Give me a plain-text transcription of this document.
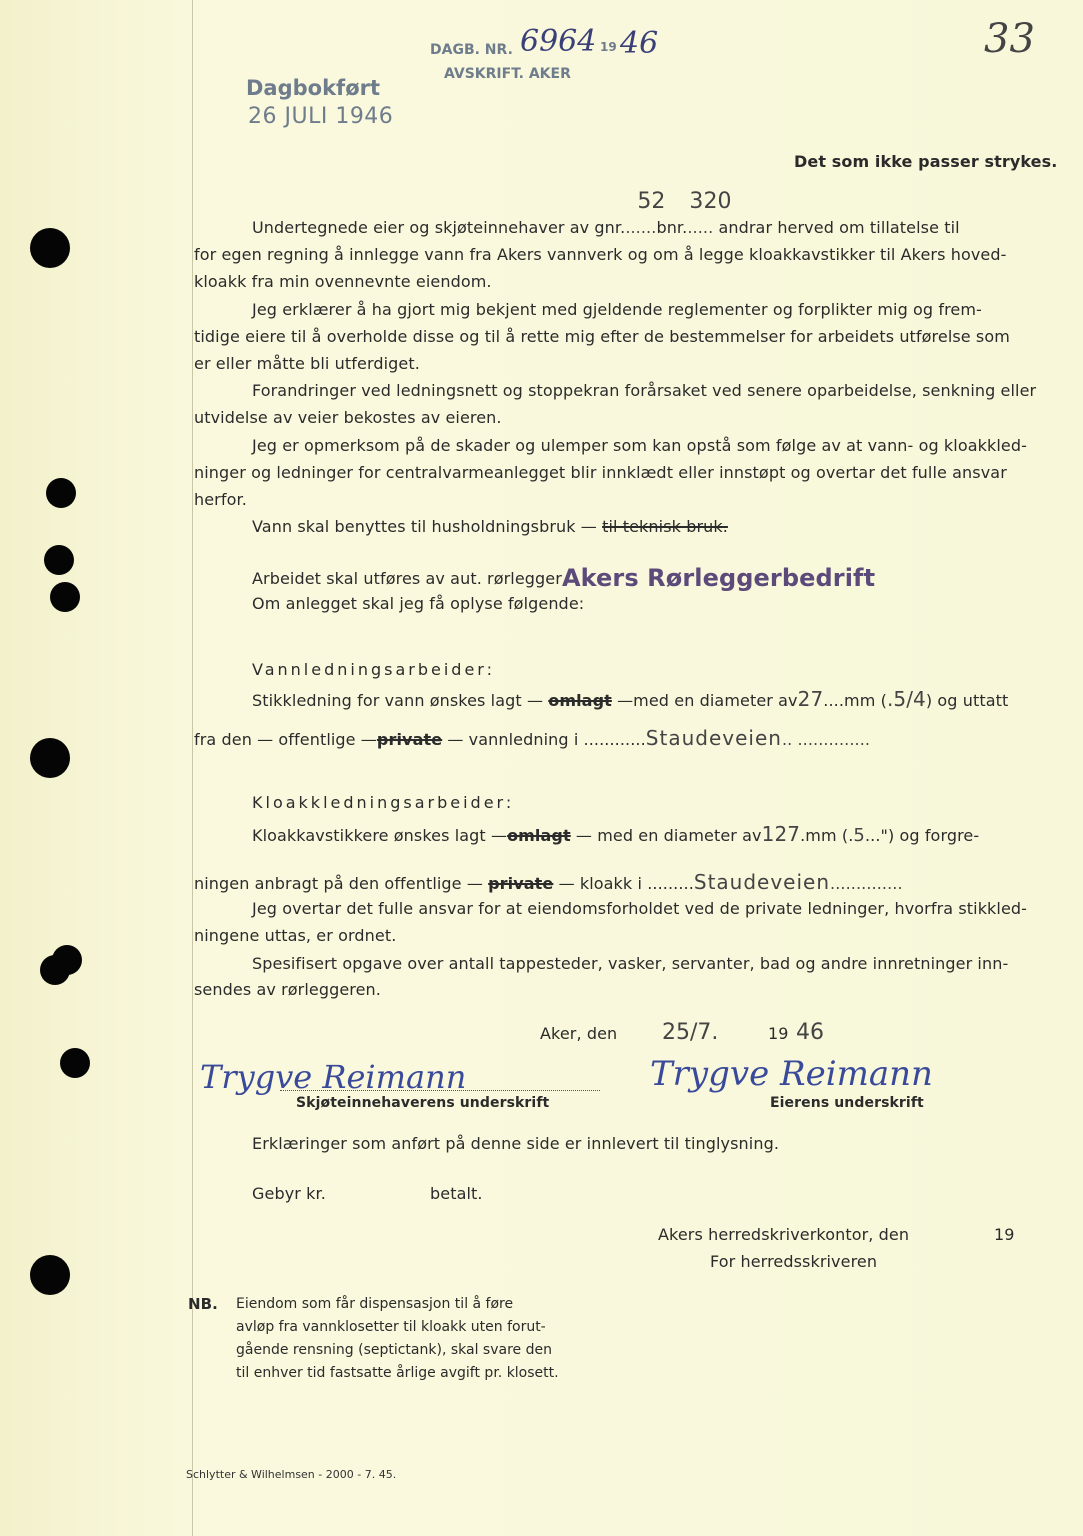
Dagbokført
26 JULI 1946
DAGB. NR. 6964 19 46
AVSKRIFT. AKER
33
Det som ikke passer strykes.
Undertegnede eier og skjøteinnehaver av gnr.
52
......bnr.
320
..... andrar herved om tillatelse til
for egen regning å innlegge vann fra Akers vannverk og om å legge kloakkavstikker til Akers hoved-
kloakk fra min ovennevnte eiendom.
Jeg erklærer å ha gjort mig bekjent med gjeldende reglementer og forplikter mig og frem-
tidige eiere til å overholde disse og til å rette mig efter de bestemmelser for arbeidets utførelse som
er eller måtte bli utferdiget.
Forandringer ved ledningsnett og stoppekran forårsaket ved senere oparbeidelse, senkning eller
utvidelse av veier bekostes av eieren.
Jeg er opmerksom på de skader og ulemper som kan opstå som følge av at vann- og kloakkled-
ninger og ledninger for centralvarmeanlegget blir innklædt eller innstøpt og overtar det fulle ansvar
herfor.
Vann skal benyttes til husholdningsbruk — til teknisk bruk.
Arbeidet skal utføres av aut. rørleggerAkers Rørleggerbedrift
Om anlegget skal jeg få oplyse følgende:
Vannledningsarbeider:
Stikkledning for vann ønskes lagt — omlagt —med en diameter av27....mm (.5/4) og uttatt
fra den — offentlige —private — vannledning i ............Staudeveien.. ..............
Kloakkledningsarbeider:
Kloakkavstikkere ønskes lagt —omlagt — med en diameter av127.mm (.5...") og forgre-
ningen anbragt på den offentlige — private — kloakk i .........Staudeveien..............
Jeg overtar det fulle ansvar for at eiendomsforholdet ved de private ledninger, hvorfra stikkled-
ningene uttas, er ordnet.
Spesifisert opgave over antall tappesteder, vasker, servanter, bad og andre innretninger inn-
sendes av rørleggeren.
Aker, den 25/7.	19 46
Trygve Reimann
Skjøteinnehaverens underskrift
Trygve Reimann
Eierens underskrift
Erklæringer som anført på denne side er innlevert til tinglysning.
Gebyr kr.	betalt.
Akers herredskriverkontor, den	19
For herredsskriveren
NB. Eiendom som får dispensasjon til å føre
avløp fra vannklosetter til kloakk uten forut-
gående rensning (septictank), skal svare den
til enhver tid fastsatte årlige avgift pr. klosett.
Schlytter & Wilhelmsen - 2000 - 7. 45.
